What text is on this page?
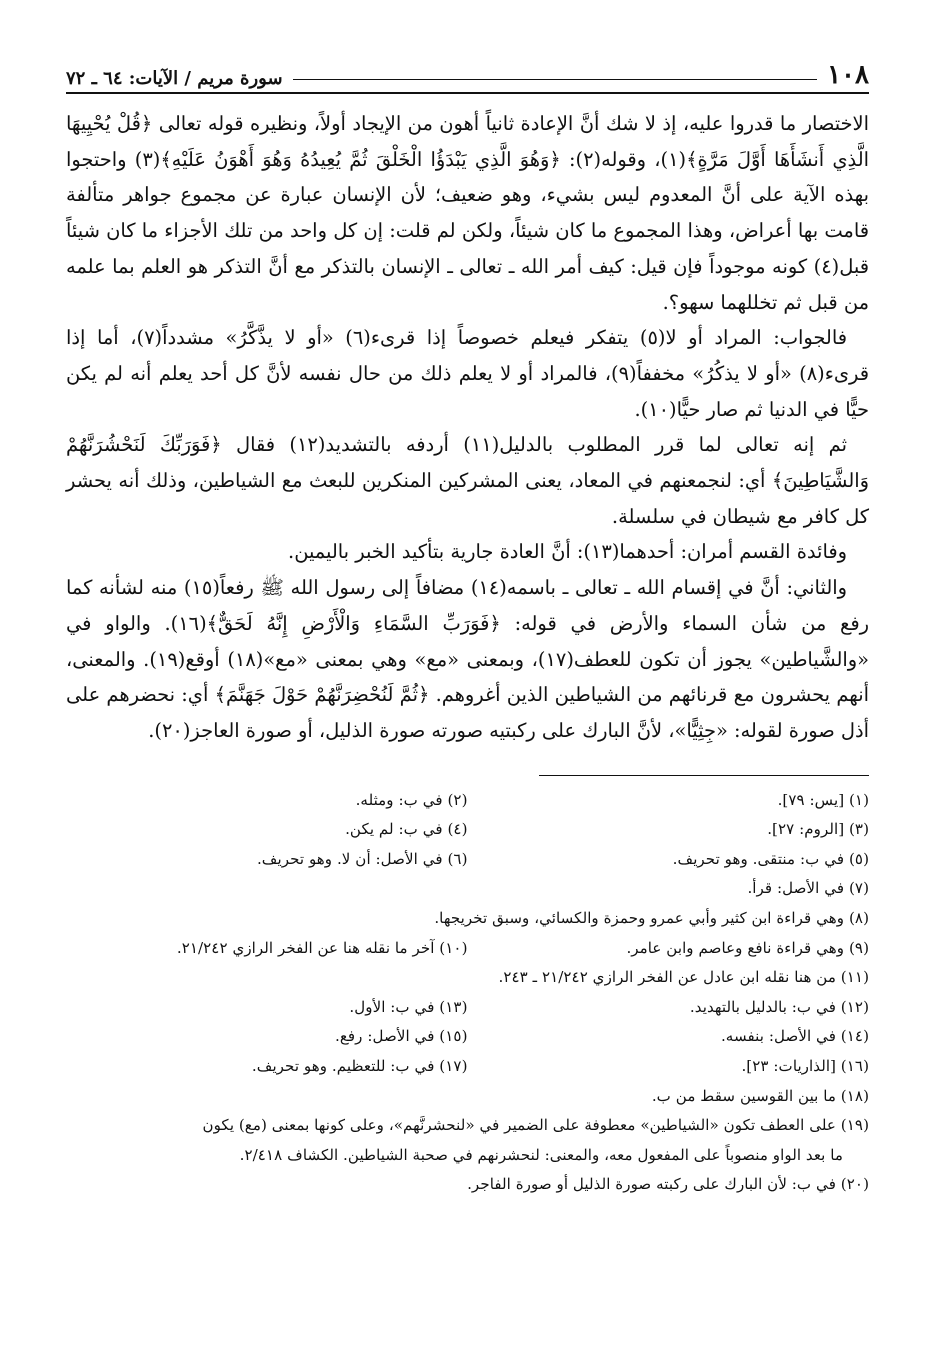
١٠٨
سورة مريم / الآيات: ٦٤ ـ ٧٢

الاختصار ما قدروا عليه، إذ لا شك أنَّ الإعادة ثانياً أهون من الإيجاد أولاً، ونظيره قوله تعالى ﴿قُلْ يُحْيِيهَا الَّذِي أَنشَأَهَا أَوَّلَ مَرَّةٍ﴾(١)، وقوله(٢): ﴿وَهُوَ الَّذِي يَبْدَؤُا الْخَلْقَ ثُمَّ يُعِيدُهُ وَهُوَ أَهْوَنُ عَلَيْهِ﴾(٣) واحتجوا بهذه الآية على أنَّ المعدوم ليس بشيء، وهو ضعيف؛ لأن الإنسان عبارة عن مجموع جواهر متألفة قامت بها أعراض، وهذا المجموع ما كان شيئاً، ولكن لم قلت: إن كل واحد من تلك الأجزاء ما كان شيئاً قبل(٤) كونه موجوداً فإن قيل: كيف أمر الله ـ تعالى ـ الإنسان بالتذكر مع أنَّ التذكر هو العلم بما علمه من قبل ثم تخللهما سهو؟.

فالجواب: المراد أو لا(٥) يتفكر فيعلم خصوصاً إذا قرىء(٦) «أو لا يذَّكَّرُ» مشدداً(٧)، أما إذا قرىء(٨) «أو لا يذكُرُ» مخففاً(٩)، فالمراد أو لا يعلم ذلك من حال نفسه لأنَّ كل أحد يعلم أنه لم يكن حيًّا في الدنيا ثم صار حيًّا(١٠).

ثم إنه تعالى لما قرر المطلوب بالدليل(١١) أردفه بالتشديد(١٢) فقال ﴿فَوَرَبِّكَ لَنَحْشُرَنَّهُمْ وَالشَّيَاطِينَ﴾ أي: لنجمعنهم في المعاد، يعنى المشركين المنكرين للبعث مع الشياطين، وذلك أنه يحشر كل كافر مع شيطان في سلسلة.

وفائدة القسم أمران: أحدهما(١٣): أنَّ العادة جارية بتأكيد الخبر باليمين.

والثاني: أنَّ في إقسام الله ـ تعالى ـ باسمه(١٤) مضافاً إلى رسول الله ﷺ رفعاً(١٥) منه لشأنه كما رفع من شأن السماء والأرض في قوله: ﴿فَوَرَبِّ السَّمَاءِ وَالْأَرْضِ إِنَّهُ لَحَقٌّ﴾(١٦). والواو في «والشَّياطين» يجوز أن تكون للعطف(١٧)، وبمعنى «مع» وهي بمعنى «مع»(١٨) أوقع(١٩). والمعنى، أنهم يحشرون مع قرنائهم من الشياطين الذين أغروهم. ﴿ثُمَّ لَنُحْضِرَنَّهُمْ حَوْلَ جَهَنَّمَ﴾ أي: نحضرهم على أذل صورة لقوله: «جِثِيًّا»، لأنَّ البارك على ركبتيه صورته صورة الذليل، أو صورة العاجز(٢٠).

(١) [يس: ٧٩].
(٢) في ب: ومثله.
(٣) [الروم: ٢٧].
(٤) في ب: لم يكن.
(٥) في ب: منتقى. وهو تحريف.
(٦) في الأصل: أن لا. وهو تحريف.
(٧) في الأصل: قرأ.
(٨) وهي قراءة ابن كثير وأبي عمرو وحمزة والكسائي، وسبق تخريجها.
(٩) وهي قراءة نافع وعاصم وابن عامر.
(١٠) آخر ما نقله هنا عن الفخر الرازي ٢١/٢٤٢.
(١١) من هنا نقله ابن عادل عن الفخر الرازي ٢١/٢٤٢ ـ ٢٤٣.
(١٢) في ب: بالدليل بالتهديد.
(١٣) في ب: الأول.
(١٤) في الأصل: بنفسه.
(١٥) في الأصل: رفع.
(١٦) [الذاريات: ٢٣].
(١٧) في ب: للتعظيم. وهو تحريف.
(١٨) ما بين القوسين سقط من ب.
(١٩) على العطف تكون «الشياطين» معطوفة على الضمير في «لنحشرنَّهم»، وعلى كونها بمعنى (مع) يكون
ما بعد الواو منصوباً على المفعول معه، والمعنى: لنحشرنهم في صحبة الشياطين. الكشاف ٢/٤١٨.
(٢٠) في ب: لأن البارك على ركبته صورة الذليل أو صورة الفاجر.
